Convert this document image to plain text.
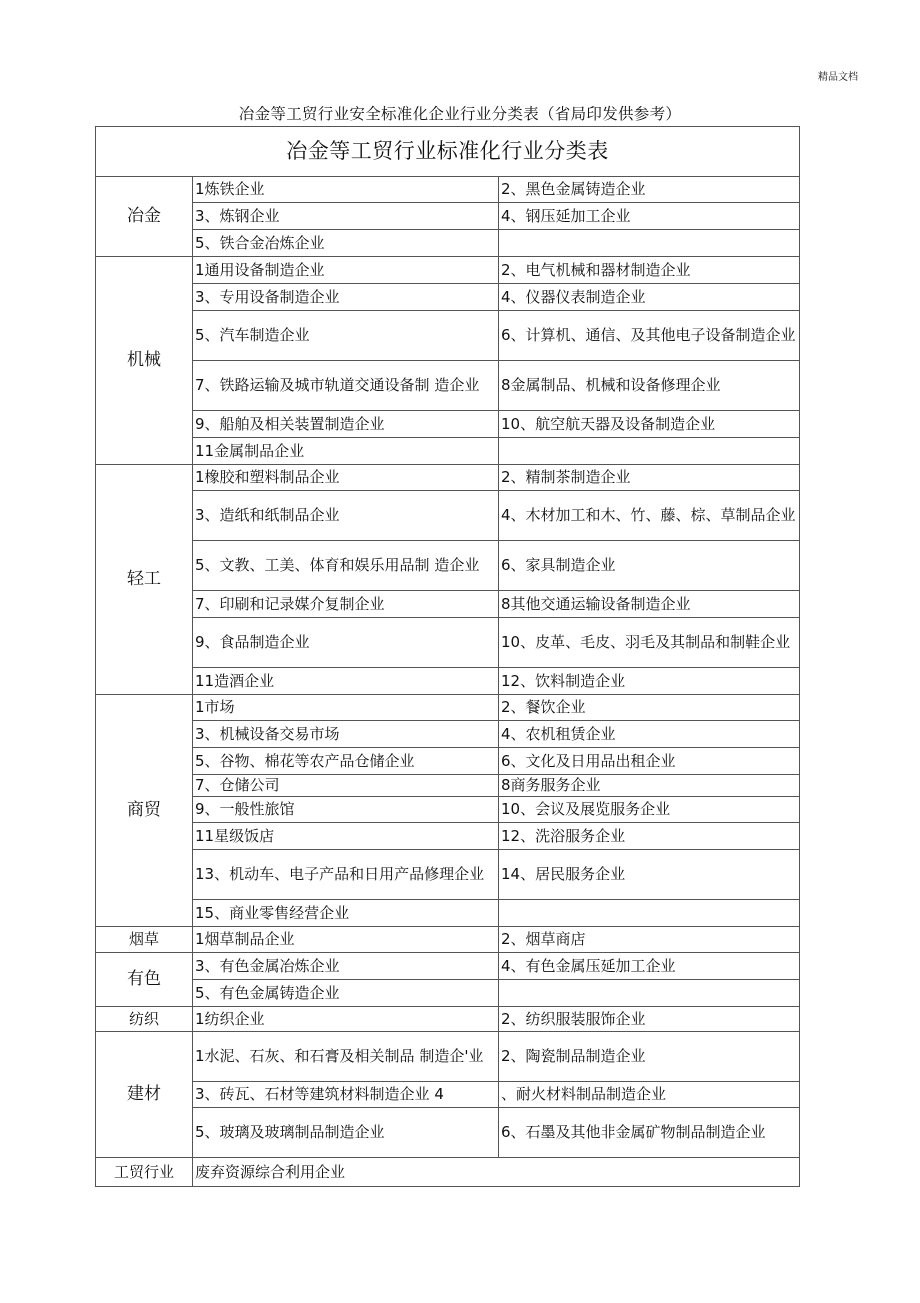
精品文档
冶金等工贸行业安全标准化企业行业分类表（省局印发供参考）
冶金等工贸行业标准化行业分类表		
冶金	1炼铁企业	2、黑色金属铸造企业
	3、炼钢企业	4、钢压延加工企业
	5、铁合金冶炼企业	
机械	1通用设备制造企业	2、电气机械和器材制造企业
	3、专用设备制造企业	4、仪器仪表制造企业
	5、汽车制造企业	6、计算机、通信、及其他电子设备制造企业
	7、铁路运输及城市轨道交通设备制 造企业	8金属制品、机械和设备修理企业
	9、船舶及相关装置制造企业	10、航空航天器及设备制造企业
	11金属制品企业	
轻工	1橡胶和塑料制品企业	2、精制茶制造企业
	3、造纸和纸制品企业	4、木材加工和木、竹、藤、棕、草制品企业
	5、文教、工美、体育和娱乐用品制 造企业	6、家具制造企业
	7、印刷和记录媒介复制企业	8其他交通运输设备制造企业
	9、食品制造企业	10、皮革、毛皮、羽毛及其制品和制鞋企业
	11造酒企业	12、饮料制造企业
商贸	1市场	2、餐饮企业
	3、机械设备交易市场	4、农机租赁企业
	5、谷物、棉花等农产品仓储企业	6、文化及日用品出租企业
	7、仓储公司	8商务服务企业
	9、一般性旅馆	10、会议及展览服务企业
	11星级饭店	12、洗浴服务企业
	13、机动车、电子产品和日用产品修理企业	14、居民服务企业
	15、商业零售经营企业	
烟草	1烟草制品企业	2、烟草商店
有色	3、有色金属冶炼企业	4、有色金属压延加工企业
	5、有色金属铸造企业	
纺织	1纺织企业	2、纺织服装服饰企业
建材	1水泥、石灰、和石膏及相关制品 制造企'业	2、陶瓷制品制造企业
	3、砖瓦、石材等建筑材料制造企业 4	、耐火材料制品制造企业
	5、玻璃及玻璃制品制造企业	6、石墨及其他非金属矿物制品制造企业
工贸行业	废弃资源综合利用企业	
